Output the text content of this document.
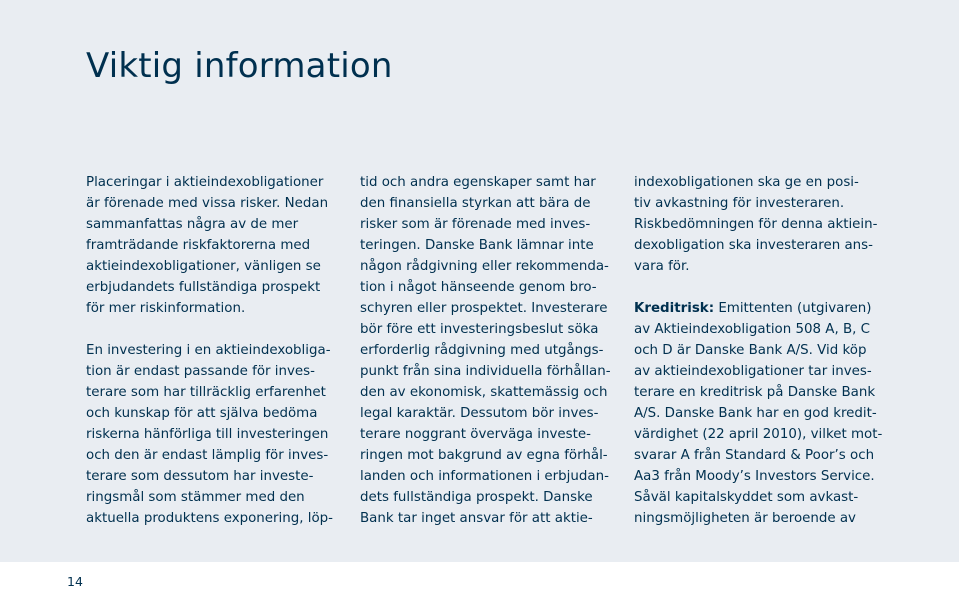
Viktig information

Placeringar i aktieindexobligationer
är förenade med vissa risker. Nedan
sammanfattas några av de mer
framträdande riskfaktorerna med
aktieindexobligationer, vänligen se
erbjudandets fullständiga prospekt
för mer riskinformation.

En investering i en aktieindexobliga-
tion är endast passande för inves-
terare som har tillräcklig erfarenhet
och kunskap för att själva bedöma
riskerna hänförliga till investeringen
och den är endast lämplig för inves-
terare som dessutom har investe-
ringsmål som stämmer med den
aktuella produktens exponering, löp-

tid och andra egenskaper samt har
den finansiella styrkan att bära de
risker som är förenade med inves-
teringen. Danske Bank lämnar inte
någon rådgivning eller rekommenda-
tion i något hänseende genom bro-
schyren eller prospektet. Investerare
bör före ett investeringsbeslut söka
erforderlig rådgivning med utgångs-
punkt från sina individuella förhållan-
den av ekonomisk, skattemässig och
legal karaktär. Dessutom bör inves-
terare noggrant överväga investe-
ringen mot bakgrund av egna förhål-
landen och informationen i erbjudan-
dets fullständiga prospekt. Danske
Bank tar inget ansvar för att aktie-

indexobligationen ska ge en posi-
tiv avkastning för investeraren.
Riskbedömningen för denna aktiein-
dexobligation ska investeraren ans-
vara för.

Kreditrisk: Emittenten (utgivaren)
av Aktieindexobligation 508 A, B, C
och D är Danske Bank A/S. Vid köp
av aktieindexobligationer tar inves-
terare en kreditrisk på Danske Bank
A/S. Danske Bank har en god kredit-
värdighet (22 april 2010), vilket mot-
svarar A från Standard & Poor’s och
Aa3 från Moody’s Investors Service.
Såväl kapitalskyddet som avkast-
ningsmöjligheten är beroende av

14
